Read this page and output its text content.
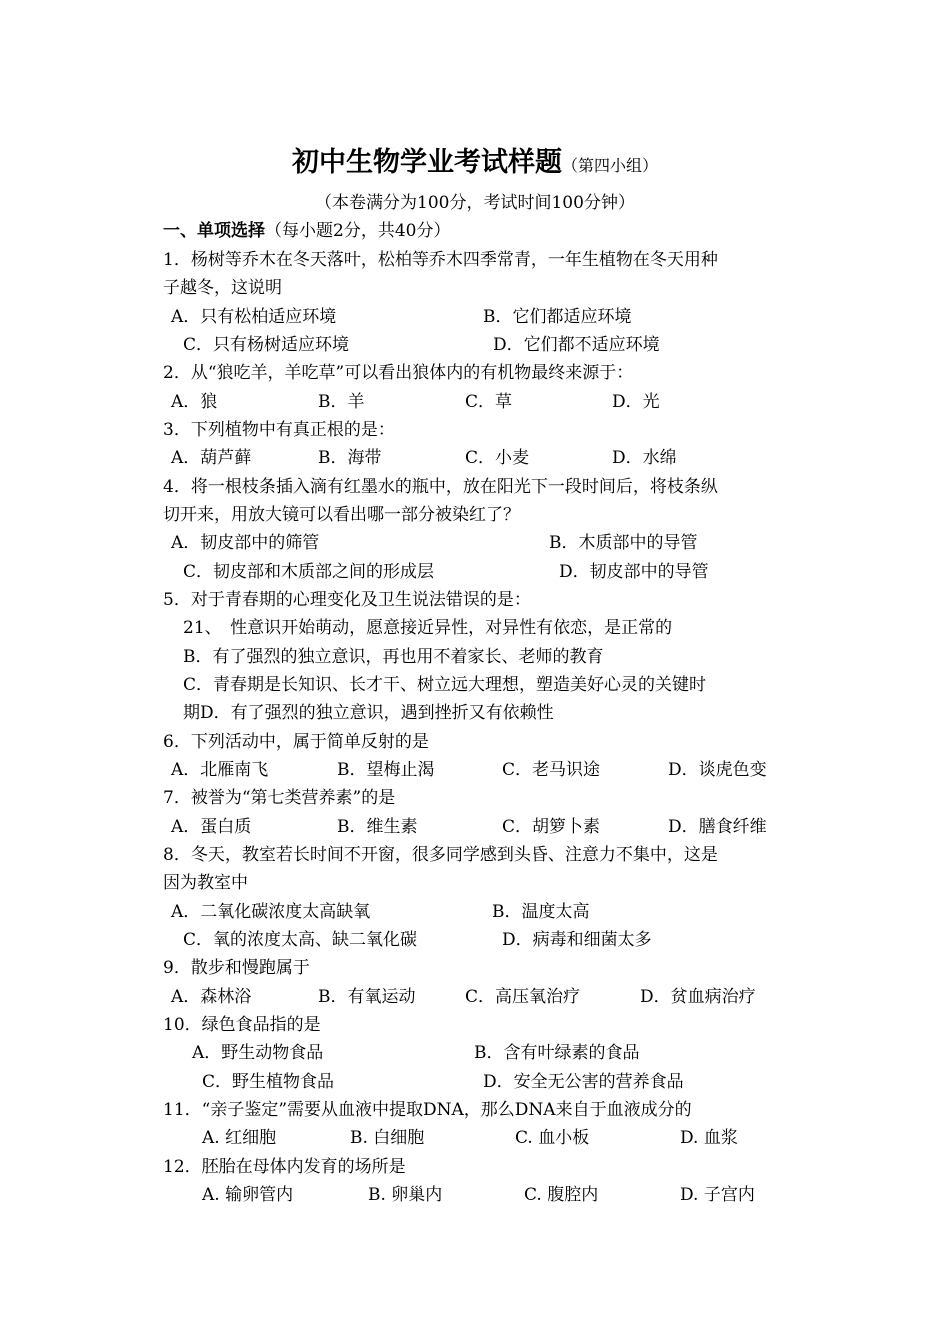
初中生物学业考试样题（第四小组）
（本卷满分为100分，考试时间100分钟）
一、单项选择（每小题2分，共40分）
1．杨树等乔木在冬天落叶，松柏等乔木四季常青，一年生植物在冬天用种
子越冬，这说明
A．只有松柏适应环境	B．它们都适应环境
C．只有杨树适应环境	D．它们都不适应环境
2．从“狼吃羊，羊吃草”可以看出狼体内的有机物最终来源于：
A．狼	B．羊	C．草	D．光
3．下列植物中有真正根的是：
A．葫芦藓	B．海带	C．小麦	D．水绵
4．将一根枝条插入滴有红墨水的瓶中，放在阳光下一段时间后，将枝条纵
切开来，用放大镜可以看出哪一部分被染红了？
A．韧皮部中的筛管	B．木质部中的导管
C．韧皮部和木质部之间的形成层	D．韧皮部中的导管
5．对于青春期的心理变化及卫生说法错误的是：
21、　性意识开始萌动，愿意接近异性，对异性有依恋，是正常的
B．有了强烈的独立意识，再也用不着家长、老师的教育
C．青春期是长知识、长才干、树立远大理想，塑造美好心灵的关键时
期D．有了强烈的独立意识，遇到挫折又有依赖性
6．下列活动中，属于简单反射的是
A．北雁南飞	B．望梅止渴	C．老马识途	D．谈虎色变
7．被誉为“第七类营养素”的是
A．蛋白质	B．维生素	C．胡箩卜素	D．膳食纤维
8．冬天，教室若长时间不开窗，很多同学感到头昏、注意力不集中，这是
因为教室中
A．二氧化碳浓度太高缺氧	B．温度太高
C．氧的浓度太高、缺二氧化碳	D．病毒和细菌太多
9．散步和慢跑属于
A．森林浴	B．有氧运动	C．高压氧治疗	D．贫血病治疗
10．绿色食品指的是
A．野生动物食品	B．含有叶绿素的食品
C．野生植物食品	D．安全无公害的营养食品
11．“亲子鉴定”需要从血液中提取DNA，那么DNA来自于血液成分的
A. 红细胞	B. 白细胞	C. 血小板	D. 血浆
12．胚胎在母体内发育的场所是
A. 输卵管内	B. 卵巢内	C. 腹腔内	D. 子宫内
